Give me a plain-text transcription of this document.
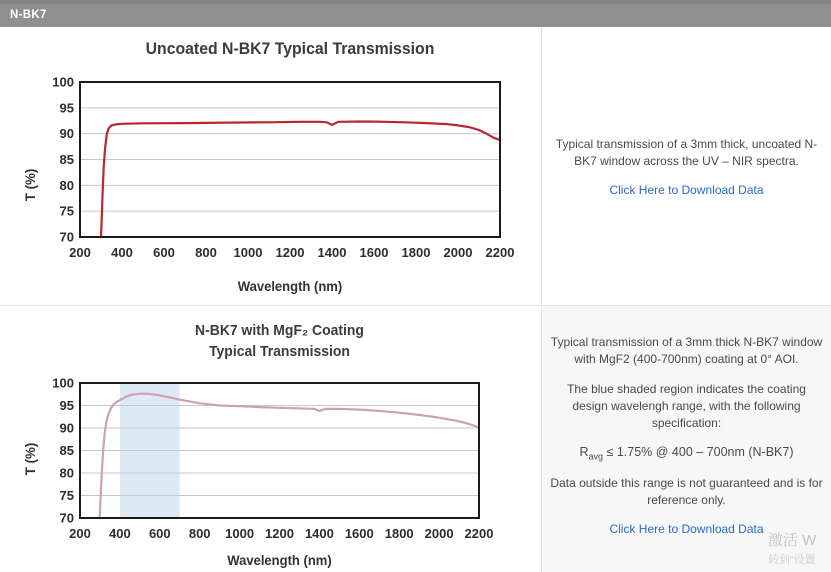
N-BK7
Uncoated N-BK7 Typical Transmission
T (%)
70
75
80
85
90
95
100
200 400 600 800 1000 1200 1400 1600 1800 2000 2200
Wavelength (nm)

Typical transmission of a 3mm thick, uncoated N-BK7 window across the UV – NIR spectra.

Click Here to Download Data
N-BK7 with MgF₂ Coating
Typical Transmission
T (%)
70
75
80
85
90
95
100
200 400 600 800 1000 1200 1400 1600 1800 2000 2200
Wavelength (nm)

Typical transmission of a 3mm thick N-BK7 window with MgF2 (400-700nm) coating at 0° AOI.

The blue shaded region indicates the coating design wavelengh range, with the following specification:

$R_{avg} \le 1.75\%$ @ 400 – 700nm (N-BK7)

Data outside this range is not guaranteed and is for reference only.

Click Here to Download Data
激活 W
转到“设置
